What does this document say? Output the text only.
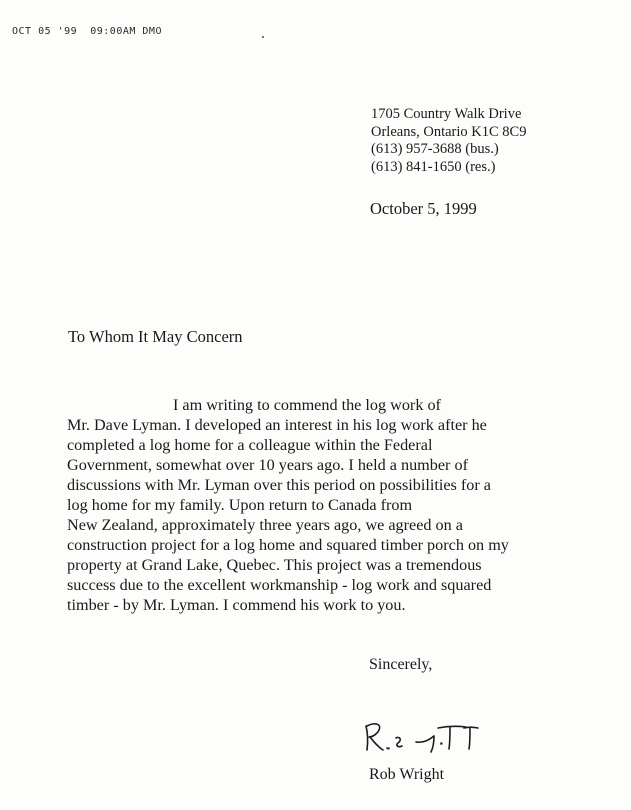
OCT 05 '99  09:00AM DMO
1705 Country Walk Drive
Orleans, Ontario K1C 8C9
(613) 957-3688 (bus.)
(613) 841-1650 (res.)
October 5, 1999
To Whom It May Concern
I am writing to commend the log work of
Mr. Dave Lyman. I developed an interest in his log work after he
completed a log home for a colleague within the Federal
Government, somewhat over 10 years ago. I held a number of
discussions with Mr. Lyman over this period on possibilities for a
log home for my family. Upon return to Canada from
New Zealand, approximately three years ago, we agreed on a
construction project for a log home and squared timber porch on my
property at Grand Lake, Quebec. This project was a tremendous
success due to the excellent workmanship - log work and squared
timber - by Mr. Lyman. I commend his work to you.
Sincerely,
Rob Wright
